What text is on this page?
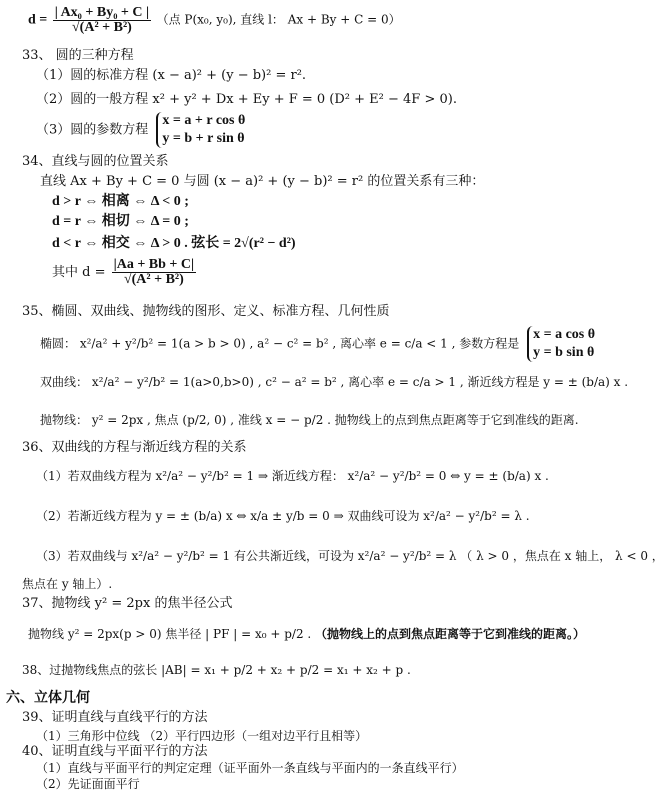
$d = \frac{\text{| Ax₀ + By₀ + C |}}{\text{√(A² + B²)}}$ （点 P(x₀, y₀), 直线 l： Ax + By + C = 0）
33、 圆的三种方程
（1）圆的标准方程 (x − a)² + (y − b)² = r².
（2）圆的一般方程 x² + y² + Dx + Ey + F = 0 (D² + E² − 4F > 0).
（3）圆的参数方程
x = a + r cos θ
y = b + r sin θ
34、直线与圆的位置关系
直线 Ax + By + C = 0 与圆 (x − a)² + (y − b)² = r² 的位置关系有三种：
d > r ⇔ 相离 ⇔ Δ < 0 ;
d = r ⇔ 相切 ⇔ Δ = 0 ;
d < r ⇔ 相交 ⇔ Δ > 0 . 弦长 = 2√(r² − d²)
其中 $d = \frac{|Aa + Bb + C|}{\text{√(A² + B²)}}$
35、椭圆、双曲线、抛物线的图形、定义、标准方程、几何性质
椭圆： x²/a² + y²/b² = 1(a > b > 0) , a² − c² = b² , 离心率 e = c/a < 1 , 参数方程是
x = a cos θ
y = b sin θ
双曲线： x²/a² − y²/b² = 1(a>0,b>0) , c² − a² = b² , 离心率 e = c/a > 1 , 渐近线方程是 y = ± (b/a) x .
抛物线： y² = 2px , 焦点 (p/2, 0) , 准线 x = − p/2 . 抛物线上的点到焦点距离等于它到准线的距离.
36、双曲线的方程与渐近线方程的关系
（1）若双曲线方程为 x²/a² − y²/b² = 1 ⇒ 渐近线方程： x²/a² − y²/b² = 0 ⇔ y = ± (b/a) x .
（2）若渐近线方程为 y = ± (b/a) x ⇔ x/a ± y/b = 0 ⇒ 双曲线可设为 x²/a² − y²/b² = λ .
（3）若双曲线与 x²/a² − y²/b² = 1 有公共渐近线，可设为 x²/a² − y²/b² = λ （ λ > 0 ，焦点在 x 轴上， λ < 0 ，
焦点在 y 轴上）.
37、抛物线 y² = 2px 的焦半径公式
抛物线 y² = 2px(p > 0) 焦半径 | PF | = x₀ + p/2 . （抛物线上的点到焦点距离等于它到准线的距离。）
38、过抛物线焦点的弦长 |AB| = x₁ + p/2 + x₂ + p/2 = x₁ + x₂ + p .
六、立体几何
39、证明直线与直线平行的方法
（1）三角形中位线 （2）平行四边形（一组对边平行且相等）
40、证明直线与平面平行的方法
（1）直线与平面平行的判定定理（证平面外一条直线与平面内的一条直线平行）
（2）先证面面平行
